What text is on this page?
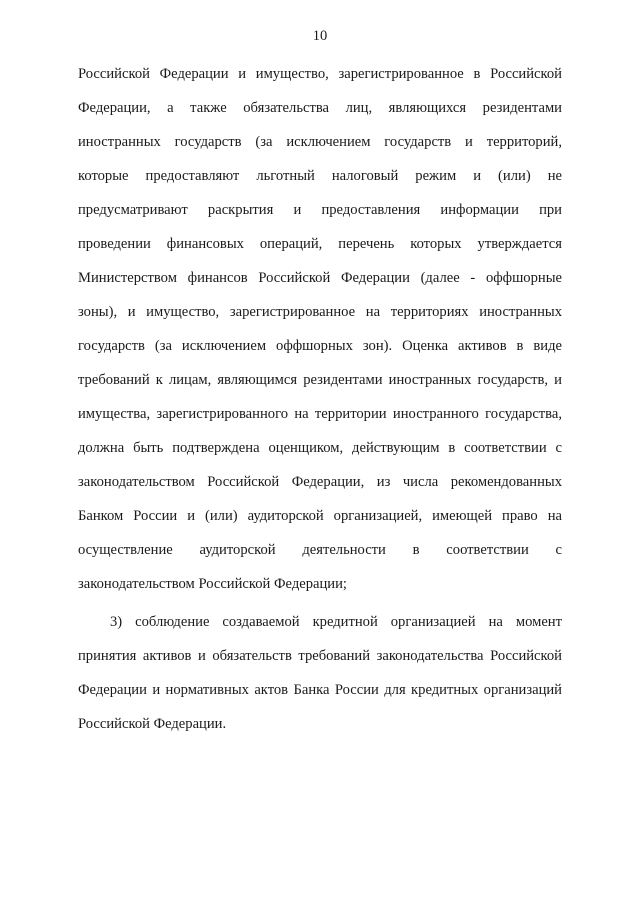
10
Российской Федерации и имущество, зарегистрированное в Российской
Федерации, а также обязательства лиц, являющихся резидентами
иностранных государств (за исключением государств и территорий,
которые предоставляют льготный налоговый режим и (или) не
предусматривают раскрытия и предоставления информации при
проведении финансовых операций, перечень которых утверждается
Министерством финансов Российской Федерации (далее - оффшорные
зоны), и имущество, зарегистрированное на территориях иностранных
государств (за исключением оффшорных зон). Оценка активов в виде
требований к лицам, являющимся резидентами иностранных государств, и
имущества, зарегистрированного на территории иностранного государства,
должна быть подтверждена оценщиком, действующим в соответствии с
законодательством Российской Федерации, из числа рекомендованных
Банком России и (или) аудиторской организацией, имеющей право на
осуществление аудиторской деятельности в соответствии с
законодательством Российской Федерации;
3) соблюдение создаваемой кредитной организацией на момент
принятия активов и обязательств требований законодательства Российской
Федерации и нормативных актов Банка России для кредитных организаций
Российской Федерации.
